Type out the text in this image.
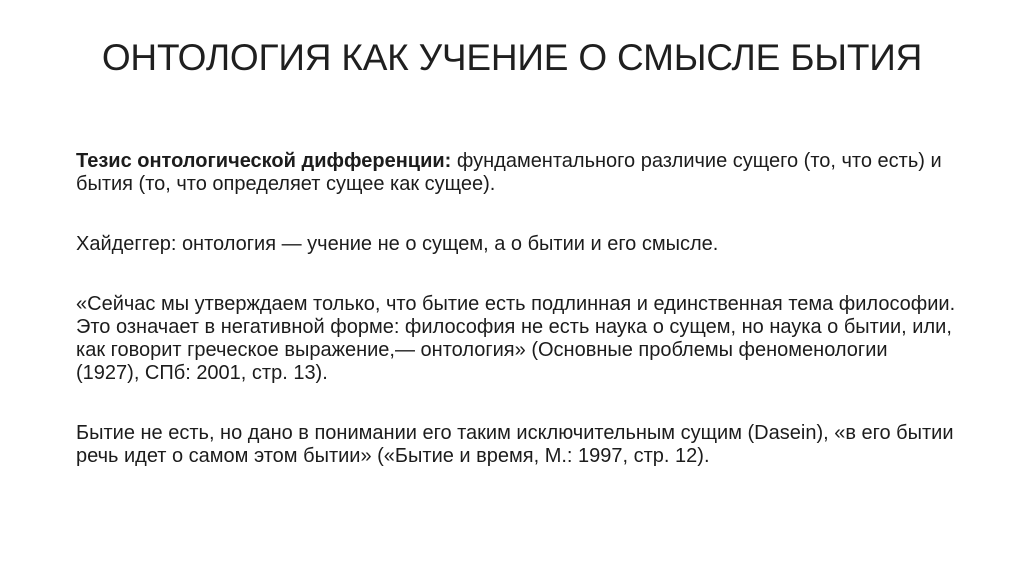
ОНТОЛОГИЯ КАК УЧЕНИЕ О СМЫСЛЕ БЫТИЯ

Тезис онтологической дифференции: фундаментального различие сущего (то, что есть) и бытия (то, что определяет сущее как сущее).

Хайдеггер: онтология — учение не о сущем, а о бытии и его смысле.

«Сейчас мы утверждаем только, что бытие есть подлинная и единственная тема философии. Это означает в негативной форме: философия не есть наука о сущем, но наука о бытии, или, как говорит греческое выражение,— онтология» (Основные проблемы феноменологии (1927), СПб: 2001, стр. 13).

Бытие не есть, но дано в понимании его таким исключительным сущим (Dasein), «в его бытии речь идет о самом этом бытии» («Бытие и время, М.: 1997, стр. 12).
